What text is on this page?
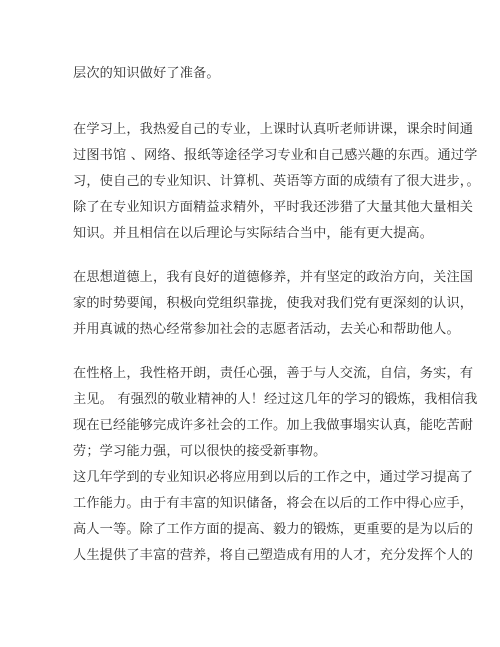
层次的知识做好了准备。
在学习上，我热爱自己的专业，上课时认真听老师讲课，课余时间通
过图书馆 、网络、报纸等途径学习专业和自己感兴趣的东西。通过学
习，使自己的专业知识、计算机、英语等方面的成绩有了很大进步，。
除了在专业知识方面精益求精外，平时我还涉猎了大量其他大量相关
知识。并且相信在以后理论与实际结合当中，能有更大提高。
在思想道德上，我有良好的道德修养，并有坚定的政治方向，关注国
家的时势要闻，积极向党组织靠拢，使我对我们党有更深刻的认识，
并用真诚的热心经常参加社会的志愿者活动，去关心和帮助他人。
在性格上，我性格开朗，责任心强，善于与人交流，自信，务实，有
主见。 有强烈的敬业精神的人！经过这几年的学习的锻炼，我相信我
现在已经能够完成许多社会的工作。加上我做事塌实认真，能吃苦耐
劳；学习能力强，可以很快的接受新事物。
这几年学到的专业知识必将应用到以后的工作之中，通过学习提高了
工作能力。由于有丰富的知识储备，将会在以后的工作中得心应手，
高人一等。除了工作方面的提高、毅力的锻炼，更重要的是为以后的
人生提供了丰富的营养，将自己塑造成有用的人才，充分发挥个人的
